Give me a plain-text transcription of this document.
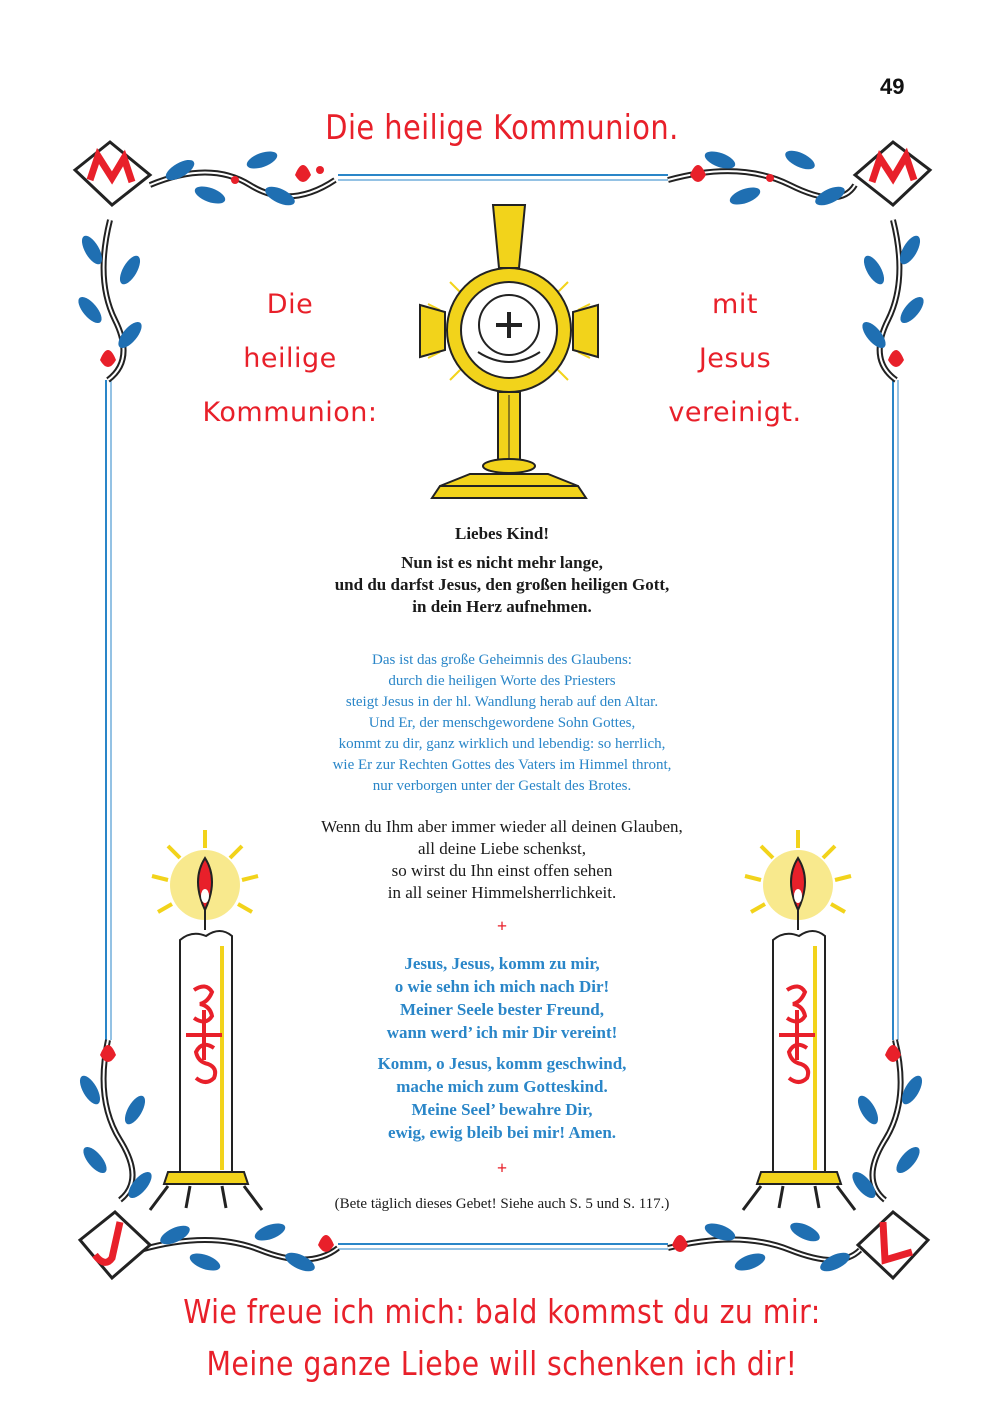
49
Die heilige Kommunion.
Die
heilige
Kommunion:
mit
Jesus
vereinigt.
Liebes Kind!
Nun ist es nicht mehr lange,
und du darfst Jesus, den großen heiligen Gott,
in dein Herz aufnehmen.
Das ist das große Geheimnis des Glaubens:
durch die heiligen Worte des Priesters
steigt Jesus in der hl. Wandlung herab auf den Altar.
Und Er, der menschgewordene Sohn Gottes,
kommt zu dir, ganz wirklich und lebendig: so herrlich,
wie Er zur Rechten Gottes des Vaters im Himmel thront,
nur verborgen unter der Gestalt des Brotes.
Wenn du Ihm aber immer wieder all deinen Glauben,
all deine Liebe schenkst,
so wirst du Ihn einst offen sehen
in all seiner Himmelsherrlichkeit.
+
Jesus, Jesus, komm zu mir,
o wie sehn ich mich nach Dir!
Meiner Seele bester Freund,
wann werd’ ich mir Dir vereint!
Komm, o Jesus, komm geschwind,
mache mich zum Gotteskind.
Meine Seel’ bewahre Dir,
ewig, ewig bleib bei mir! Amen.
+
(Bete täglich dieses Gebet! Siehe auch S. 5 und S. 117.)
Wie freue ich mich: bald kommst du zu mir:
Meine ganze Liebe will schenken ich dir!
